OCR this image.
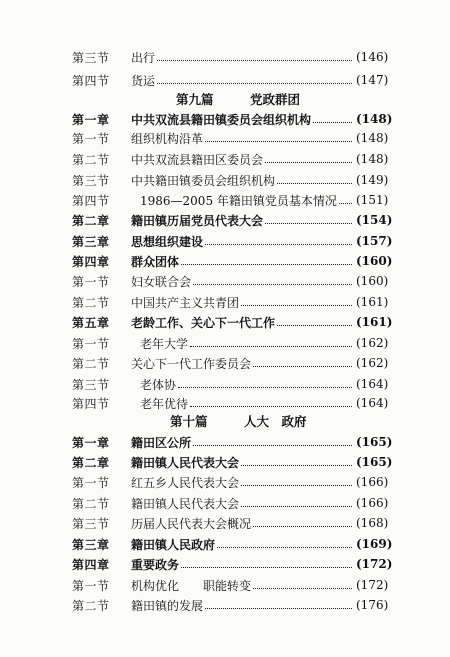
第三节	出行	(146)
第四节	货运	(147)
第九篇	党政群团
第一章	中共双流县籍田镇委员会组织机构	(148)
第一节	组织机构沿革	(148)
第二节	中共双流县籍田区委员会	(148)
第三节	中共籍田镇委员会组织机构	(149)
第四节	1986—2005 年籍田镇党员基本情况 (151)
第二章	籍田镇历届党员代表大会	(154)
第三章	思想组织建设	(157)
第四章	群众团体	(160)
第一节	妇女联合会	(160)
第二节	中国共产主义共青团	(161)
第五章	老龄工作、关心下一代工作	(161)
第一节	老年大学	(162)
第二节	关心下一代工作委员会	(162)
第三节	老体协	(164)
第四节	老年优待	(164)
第十篇	人大　政府
第一章	籍田区公所	(165)
第二章	籍田镇人民代表大会	(165)
第一节	红五乡人民代表大会	(166)
第二节	籍田镇人民代表大会	(166)
第三节	历届人民代表大会概况	(168)
第三章	籍田镇人民政府	(169)
第四章	重要政务	(172)
第一节	机构优化　　职能转变	(172)
第二节	籍田镇的发展	(176)
